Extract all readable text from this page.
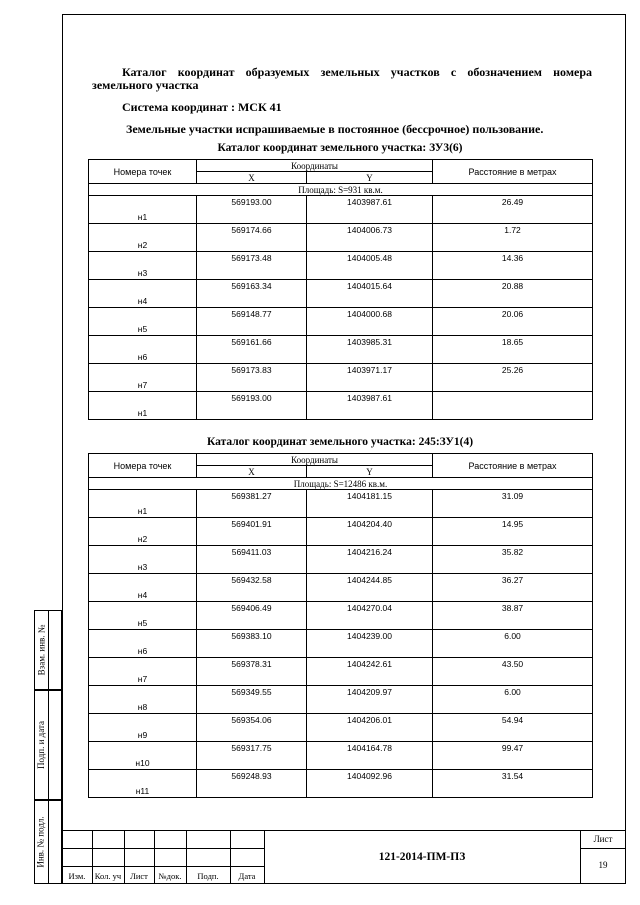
Каталог координат образуемых земельных участков с обозначением номера земельного участка
Система координат : МСК 41
Земельные участки испрашиваемые в постоянное (бессрочное) пользование.
Каталог координат земельного участка: ЗУ3(6)
Номера точек	Координаты		Расстояние в метрах
	X	Y	
Площадь: S=931 кв.м.			
н1	569193.00	1403987.61	26.49
н2	569174.66	1404006.73	1.72
н3	569173.48	1404005.48	14.36
н4	569163.34	1404015.64	20.88
н5	569148.77	1404000.68	20.06
н6	569161.66	1403985.31	18.65
н7	569173.83	1403971.17	25.26
н1	569193.00	1403987.61	
Каталог координат земельного участка: 245:ЗУ1(4)
Номера точек	Координаты		Расстояние в метрах
	X	Y	
Площадь: S=12486 кв.м.			
н1	569381.27	1404181.15	31.09
н2	569401.91	1404204.40	14.95
н3	569411.03	1404216.24	35.82
н4	569432.58	1404244.85	36.27
н5	569406.49	1404270.04	38.87
н6	569383.10	1404239.00	6.00
н7	569378.31	1404242.61	43.50
н8	569349.55	1404209.97	6.00
н9	569354.06	1404206.01	54.94
н10	569317.75	1404164.78	99.47
н11	569248.93	1404092.96	31.54
Взам. инв. №
Подп. и дата
Инв. № подл.
Изм.	Кол. уч	Лист	№док.	Подп.	Дата
121-2014-ПМ-ПЗ
Лист
19
